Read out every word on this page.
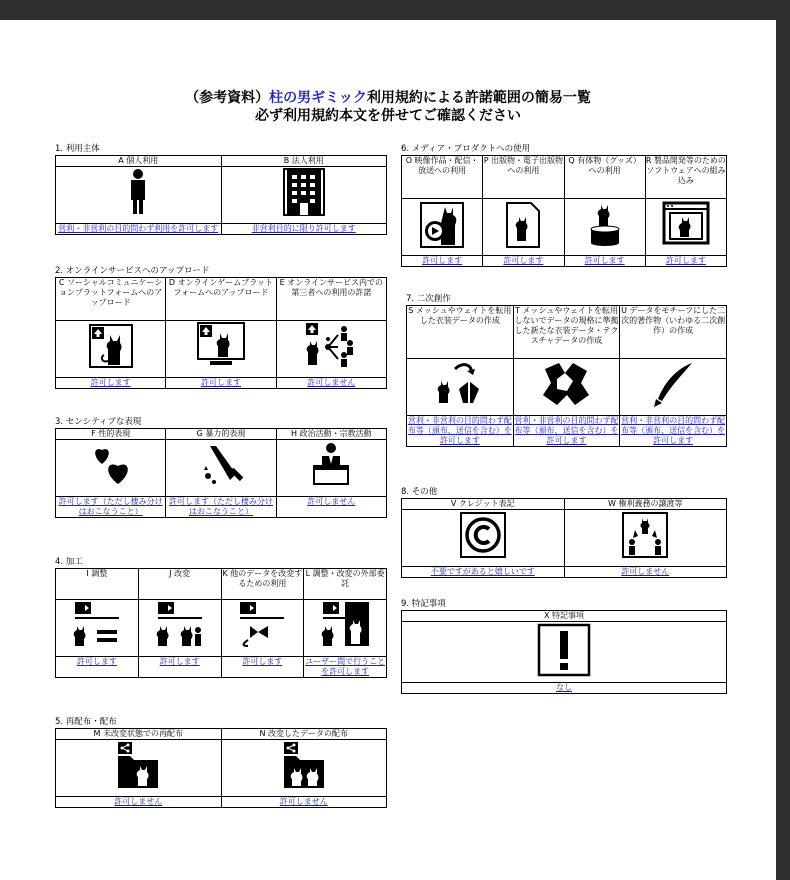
（参考資料）柱の男ギミック利用規約による許諾範囲の簡易一覧
必ず利用規約本文を併せてご確認ください
1. 利用主体
A 個人利用	B 法人利用

営利・非営利の目的問わず利用を許可します	非営利目的に限り許可します
2. オンラインサービスへのアップロード
C ソーシャルコミュニケーションプラットフォームへのアップロード	D オンラインゲームプラットフォームへのアップロード	E オンラインサービス内での第三者への利用の許諾

許可します	許可します	許可しません
3. センシティブな表現
F 性的表現	G 暴力的表現	H 政治活動・宗教活動

許可します（ただし棲み分けはおこなうこと）	許可します（ただし棲み分けはおこなうこと）	許可しません
4. 加工
I 調整	J 改変	K 他のデータを改変するための利用	L 調整・改変の外部委託

許可します	許可します	許可します	ユーザー間で行うことを許可します
5. 再配布・配布
M 未改変状態での再配布	N 改変したデータの配布

許可しません	許可しません
6. メディア・プロダクトへの使用
O 映像作品・配信・放送への利用	P 出版物・電子出版物への利用	Q 有体物（グッズ）への利用	R 製品開発等のためのソフトウェアへの組み込み

許可します	許可します	許可します	許可します
7. 二次創作
S メッシュやウェイトを転用した衣装データの作成	T メッシュやウェイトを転用しないでデータの規格に準拠した新たな衣装データ・テクスチャデータの作成	U データをモチーフにした二次的著作物（いわゆる二次創作）の作成

営利・非営利の目的問わず配布等（頒布、送信を含む）を許可します	営利・非営利の目的問わず配布等（頒布、送信を含む）を許可します	営利・非営利の目的問わず配布等（頒布、送信を含む）を許可します
8. その他
V クレジット表記	W 権利義務の譲渡等

不要ですがあると嬉しいです	許可しません
9. 特記事項
X 特記事項

なし
